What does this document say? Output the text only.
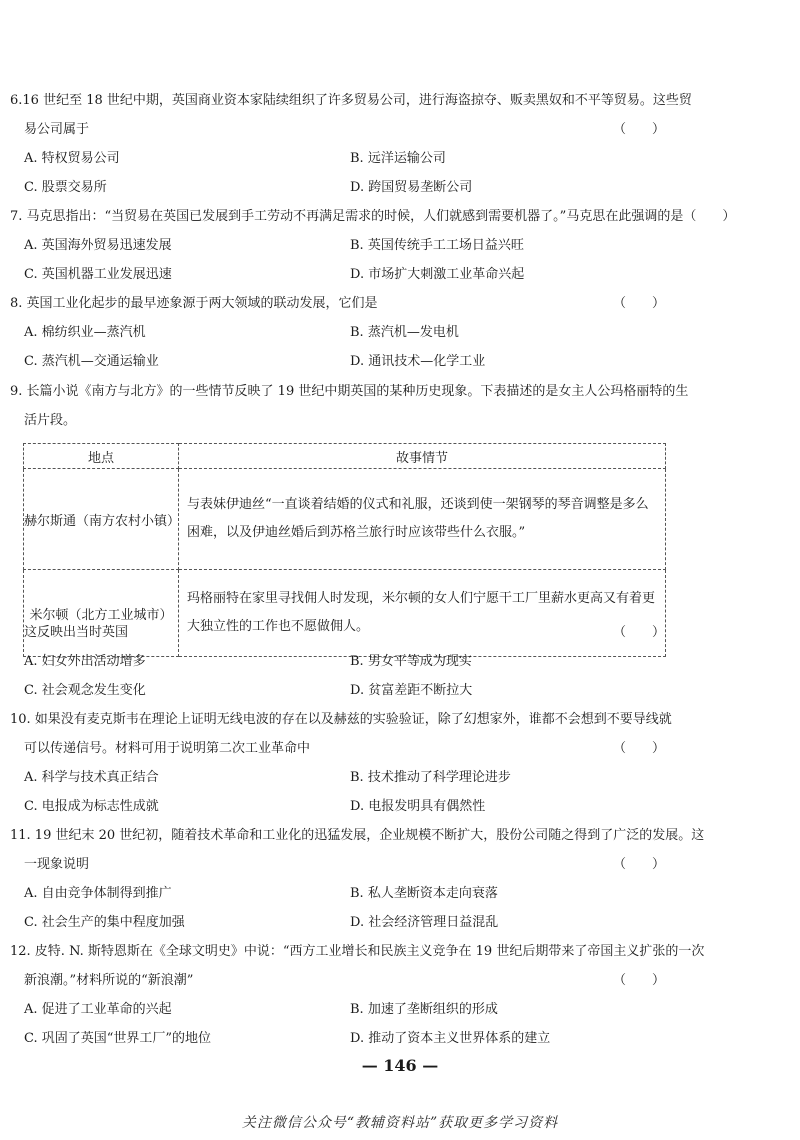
6.16 世纪至 18 世纪中期，英国商业资本家陆续组织了许多贸易公司，进行海盗掠夺、贩卖黑奴和不平等贸易。这些贸
易公司属于	（　　）
A. 特权贸易公司	B. 远洋运输公司
C. 股票交易所	D. 跨国贸易垄断公司
7. 马克思指出：“当贸易在英国已发展到手工劳动不再满足需求的时候，人们就感到需要机器了。”马克思在此强调的是（　　）
A. 英国海外贸易迅速发展	B. 英国传统手工工场日益兴旺
C. 英国机器工业发展迅速	D. 市场扩大刺激工业革命兴起
8. 英国工业化起步的最早迹象源于两大领域的联动发展，它们是	（　　）
A. 棉纺织业—蒸汽机	B. 蒸汽机—发电机
C. 蒸汽机—交通运输业	D. 通讯技术—化学工业
9. 长篇小说《南方与北方》的一些情节反映了 19 世纪中期英国的某种历史现象。下表描述的是女主人公玛格丽特的生
活片段。
地点	故事情节
赫尔斯通（南方农村小镇）	与表妹伊迪丝“一直谈着结婚的仪式和礼服，还谈到使一架钢琴的琴音调整是多么困难，以及伊迪丝婚后到苏格兰旅行时应该带些什么衣服。”
米尔顿（北方工业城市）	玛格丽特在家里寻找佣人时发现，米尔顿的女人们宁愿干工厂里薪水更高又有着更大独立性的工作也不愿做佣人。
这反映出当时英国	（　　）
A. 妇女外出活动增多	B. 男女平等成为现实
C. 社会观念发生变化	D. 贫富差距不断拉大
10. 如果没有麦克斯韦在理论上证明无线电波的存在以及赫兹的实验验证，除了幻想家外，谁都不会想到不要导线就
可以传递信号。材料可用于说明第二次工业革命中	（　　）
A. 科学与技术真正结合	B. 技术推动了科学理论进步
C. 电报成为标志性成就	D. 电报发明具有偶然性
11. 19 世纪末 20 世纪初，随着技术革命和工业化的迅猛发展，企业规模不断扩大，股份公司随之得到了广泛的发展。这
一现象说明	（　　）
A. 自由竞争体制得到推广	B. 私人垄断资本走向衰落
C. 社会生产的集中程度加强	D. 社会经济管理日益混乱
12. 皮特. N. 斯特恩斯在《全球文明史》中说：“西方工业增长和民族主义竞争在 19 世纪后期带来了帝国主义扩张的一次
新浪潮。”材料所说的“新浪潮”	（　　）
A. 促进了工业革命的兴起	B. 加速了垄断组织的形成
C. 巩固了英国“世界工厂”的地位	D. 推动了资本主义世界体系的建立
— 146 —
关注微信公众号“教辅资料站”获取更多学习资料
